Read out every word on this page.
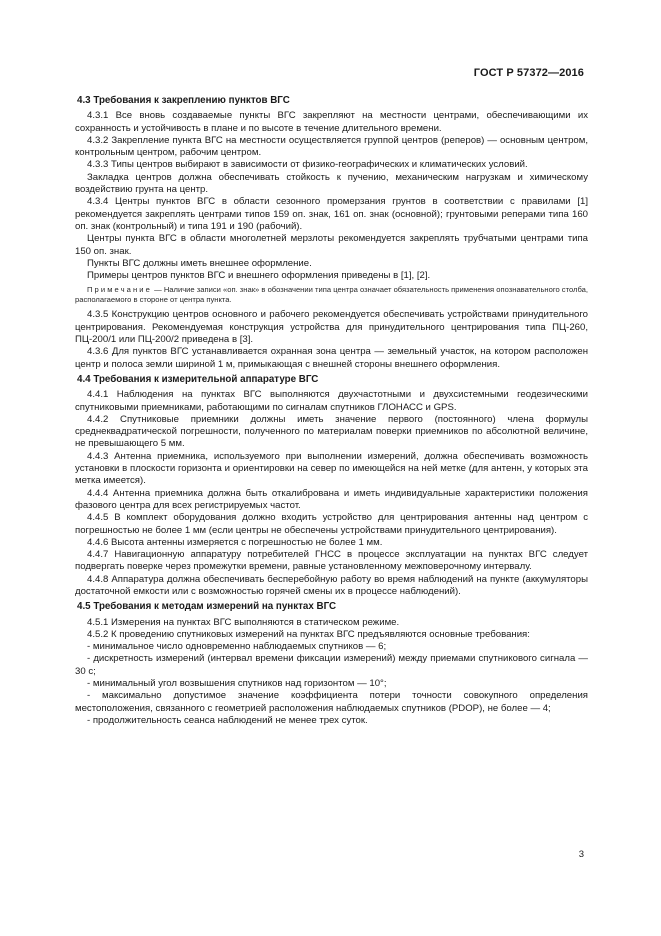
ГОСТ Р 57372—2016
4.3 Требования к закреплению пунктов ВГС

4.3.1 Все вновь создаваемые пункты ВГС закрепляют на местности центрами, обеспечивающими их сохранность и устойчивость в плане и по высоте в течение длительного времени.

4.3.2 Закрепление пункта ВГС на местности осуществляется группой центров (реперов) — основным центром, контрольным центром, рабочим центром.

4.3.3 Типы центров выбирают в зависимости от физико-географических и климатических условий.

Закладка центров должна обеспечивать стойкость к пучению, механическим нагрузкам и химическому воздействию грунта на центр.

4.3.4 Центры пунктов ВГС в области сезонного промерзания грунтов в соответствии с правилами [1] рекомендуется закреплять центрами типов 159 оп. знак, 161 оп. знак (основной); грунтовыми реперами типа 160 оп. знак (контрольный) и типа 191 и 190 (рабочий).

Центры пункта ВГС в области многолетней мерзлоты рекомендуется закреплять трубчатыми центрами типа 150 оп. знак.

Пункты ВГС должны иметь внешнее оформление.

Примеры центров пунктов ВГС и внешнего оформления приведены в [1], [2].

Примечание — Наличие записи «оп. знак» в обозначении типа центра означает обязательность применения опознавательного столба, располагаемого в стороне от центра пункта.

4.3.5 Конструкцию центров основного и рабочего рекомендуется обеспечивать устройствами принудительного центрирования. Рекомендуемая конструкция устройства для принудительного центрирования типа ПЦ-260, ПЦ-200/1 или ПЦ-200/2 приведена в [3].

4.3.6 Для пунктов ВГС устанавливается охранная зона центра — земельный участок, на котором расположен центр и полоса земли шириной 1 м, примыкающая с внешней стороны внешнего оформления.

4.4 Требования к измерительной аппаратуре ВГС

4.4.1 Наблюдения на пунктах ВГС выполняются двухчастотными и двухсистемными геодезическими спутниковыми приемниками, работающими по сигналам спутников ГЛОНАСС и GPS.

4.4.2 Спутниковые приемники должны иметь значение первого (постоянного) члена формулы среднеквадратической погрешности, полученного по материалам поверки приемников по абсолютной величине, не превышающего 5 мм.

4.4.3 Антенна приемника, используемого при выполнении измерений, должна обеспечивать возможность установки в плоскости горизонта и ориентировки на север по имеющейся на ней метке (для антенн, у которых эта метка имеется).

4.4.4 Антенна приемника должна быть откалиброванa и иметь индивидуальные характеристики положения фазового центра для всех регистрируемых частот.

4.4.5 В комплект оборудования должно входить устройство для центрирования антенны над центром с погрешностью не более 1 мм (если центры не обеспечены устройствами принудительного центрирования).

4.4.6 Высота антенны измеряется с погрешностью не более 1 мм.

4.4.7 Навигационную аппаратуру потребителей ГНСС в процессе эксплуатации на пунктах ВГС следует подвергать поверке через промежутки времени, равные установленному межповерочному интервалу.

4.4.8 Аппаратура должна обеспечивать бесперебойную работу во время наблюдений на пункте (аккумуляторы достаточной емкости или с возможностью горячей смены их в процессе наблюдений).

4.5 Требования к методам измерений на пунктах ВГС

4.5.1 Измерения на пунктах ВГС выполняются в статическом режиме.

4.5.2 К проведению спутниковых измерений на пунктах ВГС предъявляются основные требования:

- минимальное число одновременно наблюдаемых спутников — 6;

- дискретность измерений (интервал времени фиксации измерений) между приемами спутникового сигнала — 30 с;

- минимальный угол возвышения спутников над горизонтом — 10°;

- максимально допустимое значение коэффициента потери точности совокупного определения местоположения, связанного с геометрией расположения наблюдаемых спутников (PDOP), не более — 4;

- продолжительность сеанса наблюдений не менее трех суток.

3
